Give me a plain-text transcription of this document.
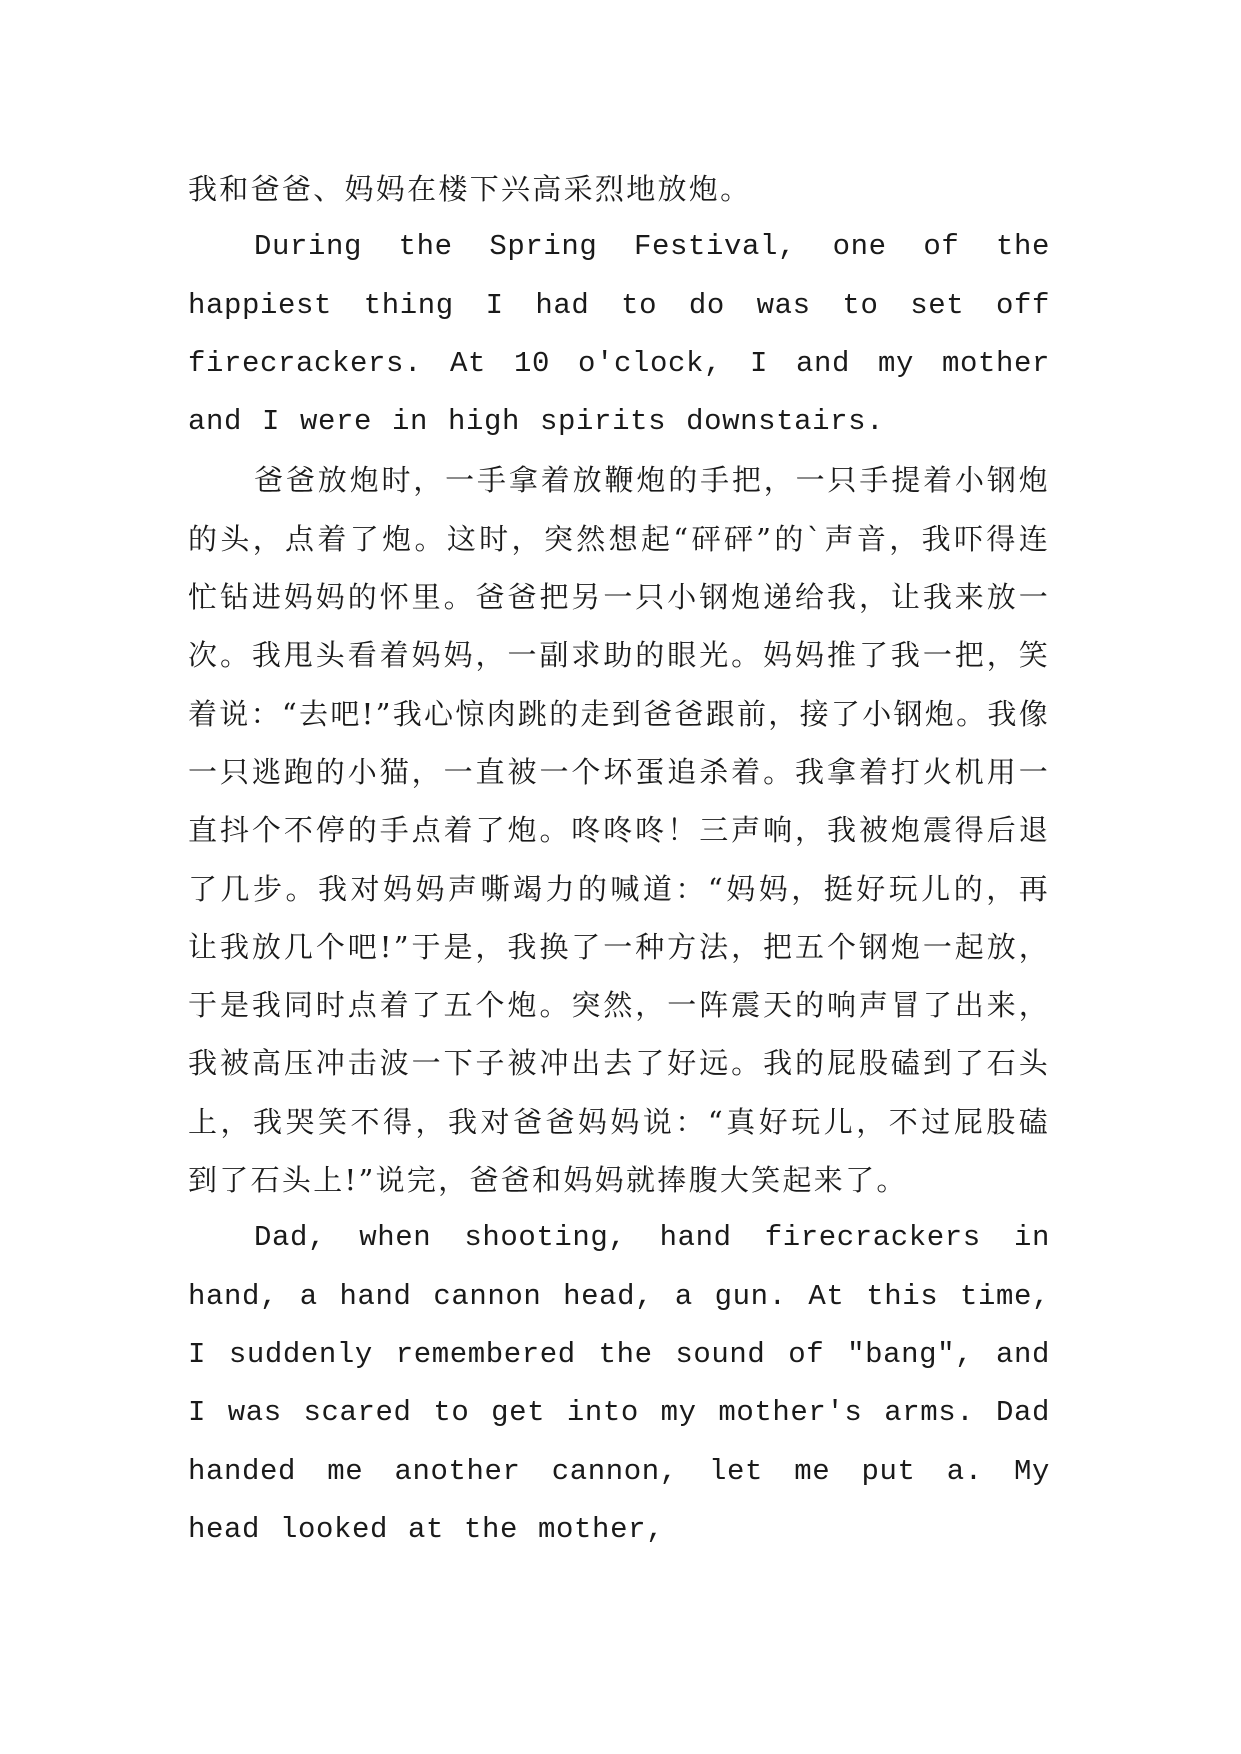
我和爸爸、妈妈在楼下兴高采烈地放炮。

During the Spring Festival, one of the happiest thing I had to do was to set off firecrackers. At 10 o'clock, I and my mother and I were in high spirits downstairs.

爸爸放炮时，一手拿着放鞭炮的手把，一只手提着小钢炮的头，点着了炮。这时，突然想起“砰砰”的`声音，我吓得连忙钻进妈妈的怀里。爸爸把另一只小钢炮递给我，让我来放一次。我甩头看着妈妈，一副求助的眼光。妈妈推了我一把，笑着说：“去吧!”我心惊肉跳的走到爸爸跟前，接了小钢炮。我像一只逃跑的小猫，一直被一个坏蛋追杀着。我拿着打火机用一直抖个不停的手点着了炮。咚咚咚！三声响，我被炮震得后退了几步。我对妈妈声嘶竭力的喊道：“妈妈，挺好玩儿的，再让我放几个吧!”于是，我换了一种方法，把五个钢炮一起放，于是我同时点着了五个炮。突然，一阵震天的响声冒了出来，我被高压冲击波一下子被冲出去了好远。我的屁股磕到了石头上，我哭笑不得，我对爸爸妈妈说：“真好玩儿，不过屁股磕到了石头上!”说完，爸爸和妈妈就捧腹大笑起来了。

Dad, when shooting, hand firecrackers in hand, a hand cannon head, a gun. At this time, I suddenly remembered the sound of "bang", and I was scared to get into my mother's arms. Dad handed me another cannon, let me put a. My head looked at the mother,
